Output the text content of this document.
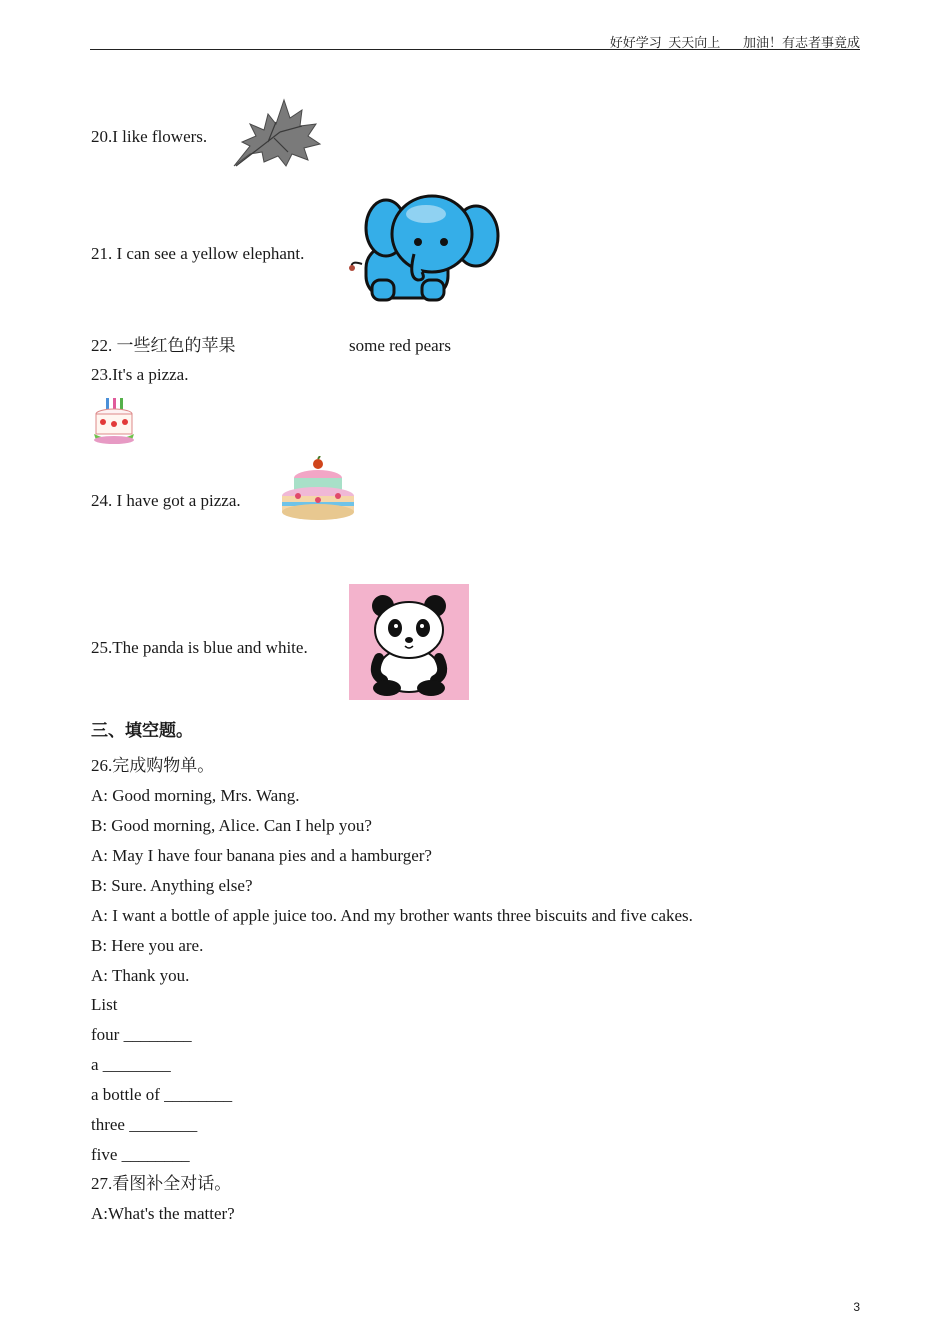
好好学习  天天向上       加油！有志者事竟成
20.I like flowers.
21. I can see a yellow elephant.
22. 一些红色的苹果	some red pears
23.It's a pizza.
24. I have got a pizza.
25.The panda is blue and white.
三、填空题。
26.完成购物单。
A: Good morning, Mrs. Wang.
B: Good morning, Alice. Can I help you?
A: May I have four banana pies and a hamburger?
B: Sure. Anything else?
A: I want a bottle of apple juice too. And my brother wants three biscuits and five cakes.
B: Here you are.
A: Thank you.
List
four ________
a ________
a bottle of ________
three ________
five ________
27.看图补全对话。
A:What's the matter?
3
